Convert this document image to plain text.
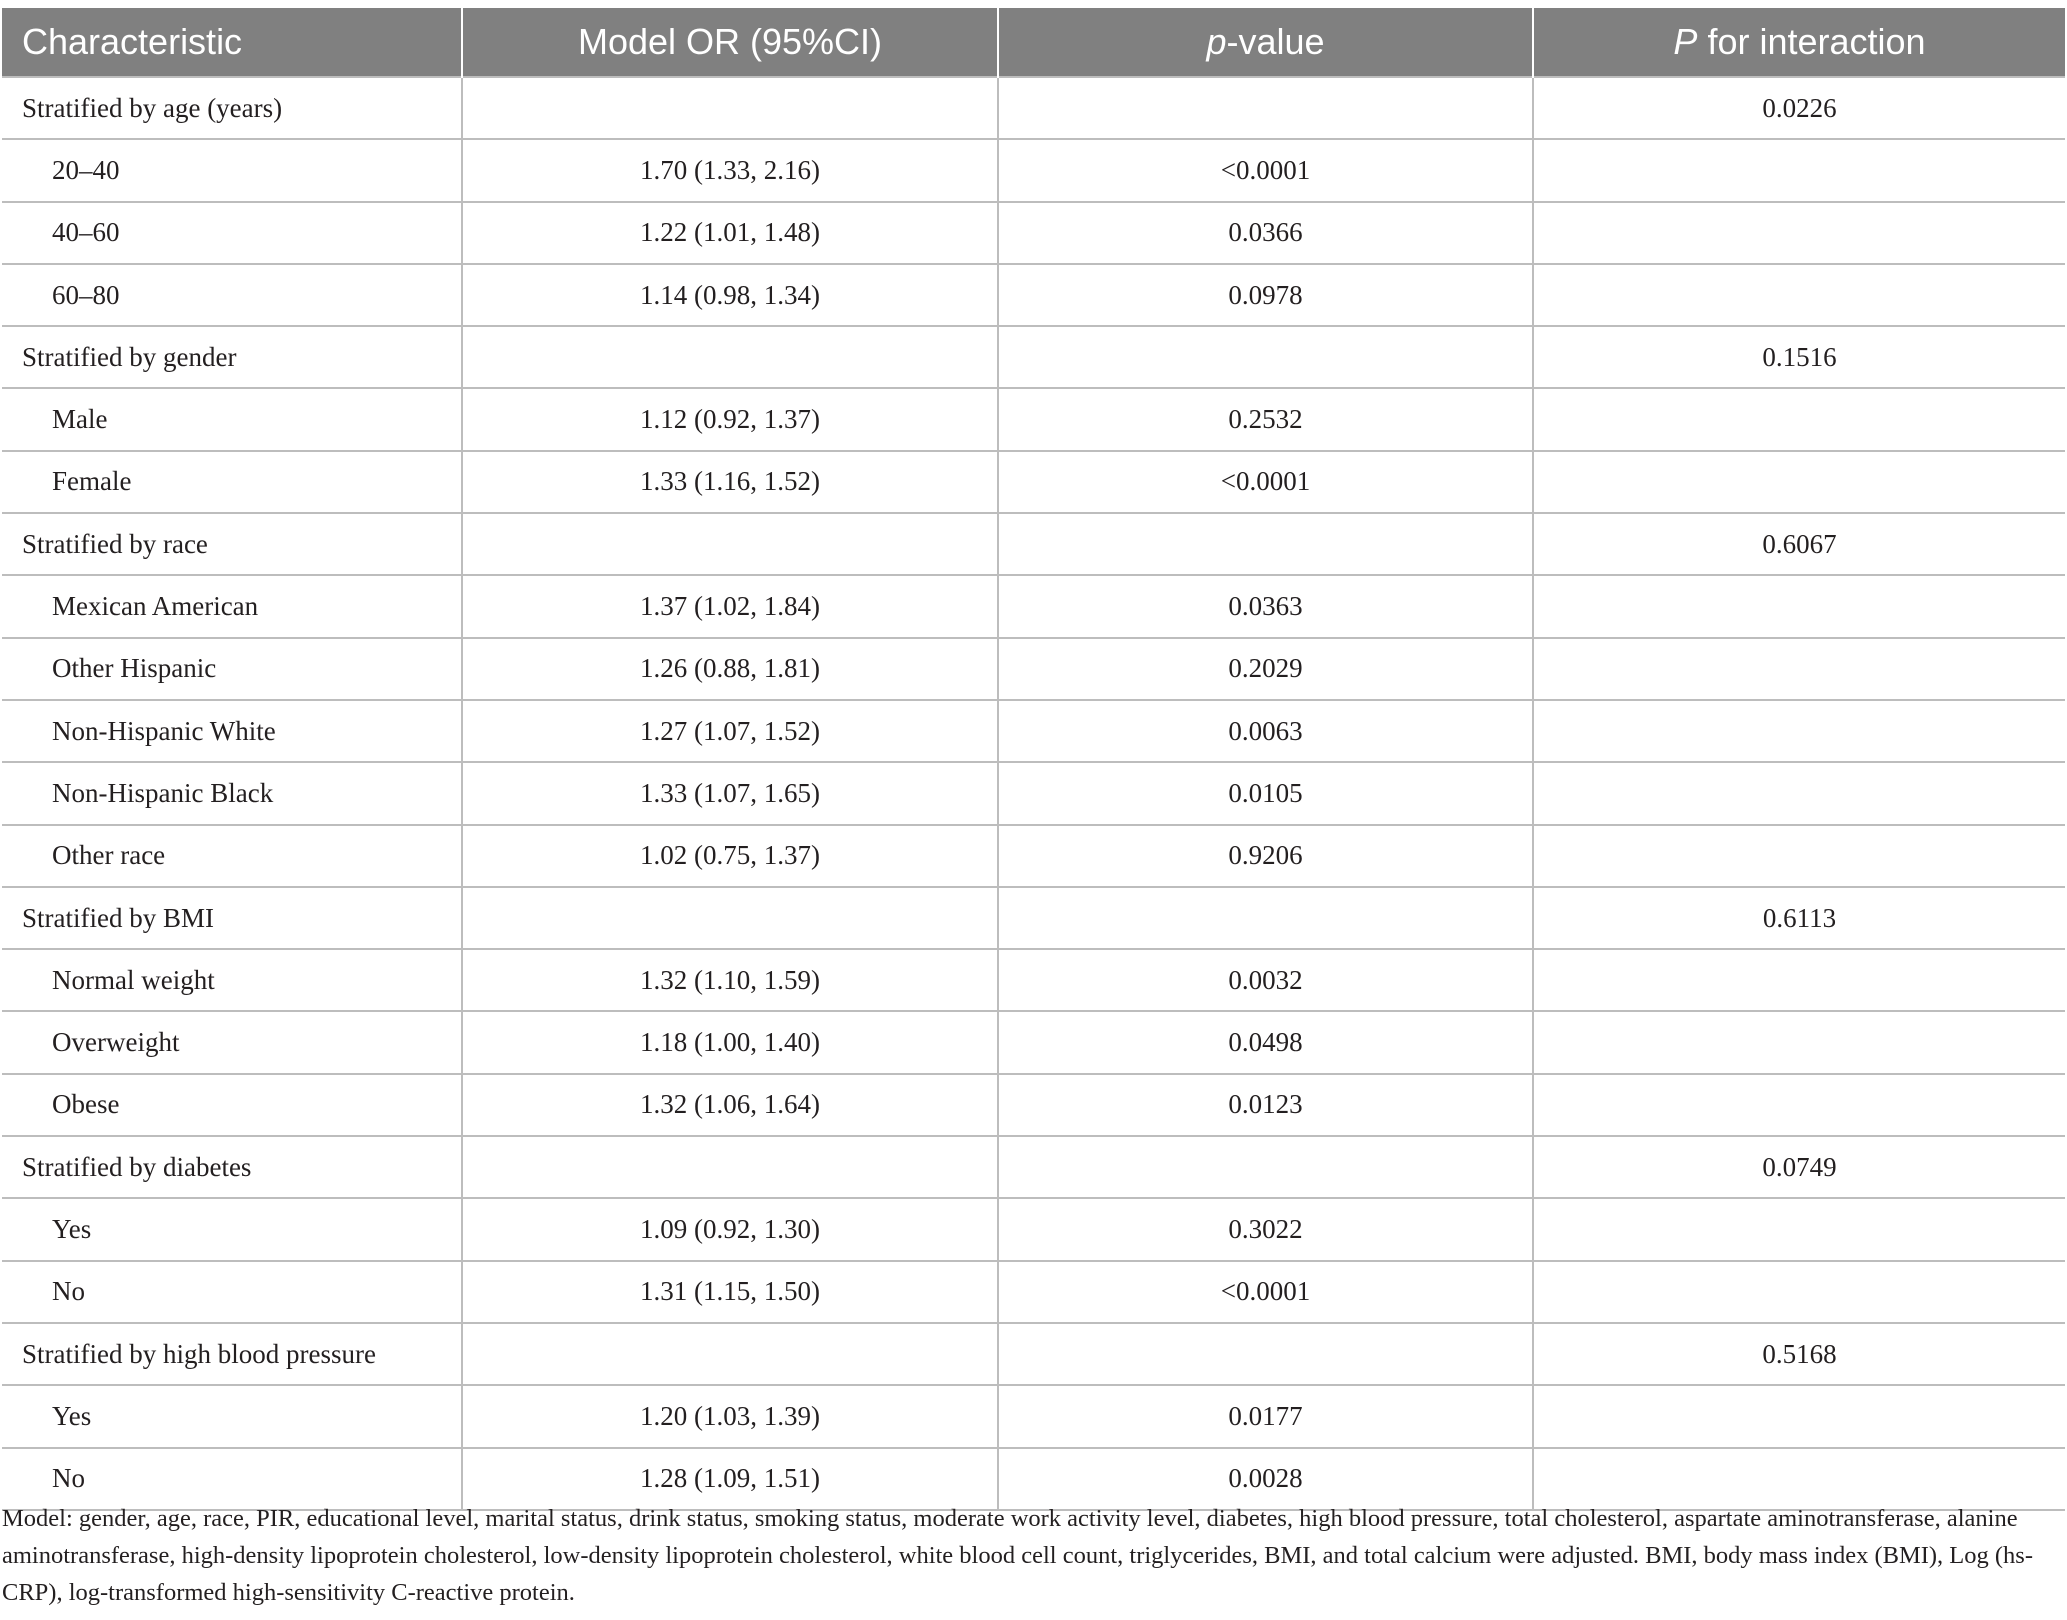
Characteristic	Model OR (95%CI)	p-value	P for interaction
Stratified by age (years)			0.0226
20–40	1.70 (1.33, 2.16)	<0.0001	
40–60	1.22 (1.01, 1.48)	0.0366	
60–80	1.14 (0.98, 1.34)	0.0978	
Stratified by gender			0.1516
Male	1.12 (0.92, 1.37)	0.2532	
Female	1.33 (1.16, 1.52)	<0.0001	
Stratified by race			0.6067
Mexican American	1.37 (1.02, 1.84)	0.0363	
Other Hispanic	1.26 (0.88, 1.81)	0.2029	
Non-Hispanic White	1.27 (1.07, 1.52)	0.0063	
Non-Hispanic Black	1.33 (1.07, 1.65)	0.0105	
Other race	1.02 (0.75, 1.37)	0.9206	
Stratified by BMI			0.6113
Normal weight	1.32 (1.10, 1.59)	0.0032	
Overweight	1.18 (1.00, 1.40)	0.0498	
Obese	1.32 (1.06, 1.64)	0.0123	
Stratified by diabetes			0.0749
Yes	1.09 (0.92, 1.30)	0.3022	
No	1.31 (1.15, 1.50)	<0.0001	
Stratified by high blood pressure			0.5168
Yes	1.20 (1.03, 1.39)	0.0177	
No	1.28 (1.09, 1.51)	0.0028	
Model: gender, age, race, PIR, educational level, marital status, drink status, smoking status, moderate work activity level, diabetes, high blood pressure, total cholesterol, aspartate aminotransferase, alanine aminotransferase, high-density lipoprotein cholesterol, low-density lipoprotein cholesterol, white blood cell count, triglycerides, BMI, and total calcium were adjusted. BMI, body mass index (BMI), Log (hs-CRP), log-transformed high-sensitivity C-reactive protein.
